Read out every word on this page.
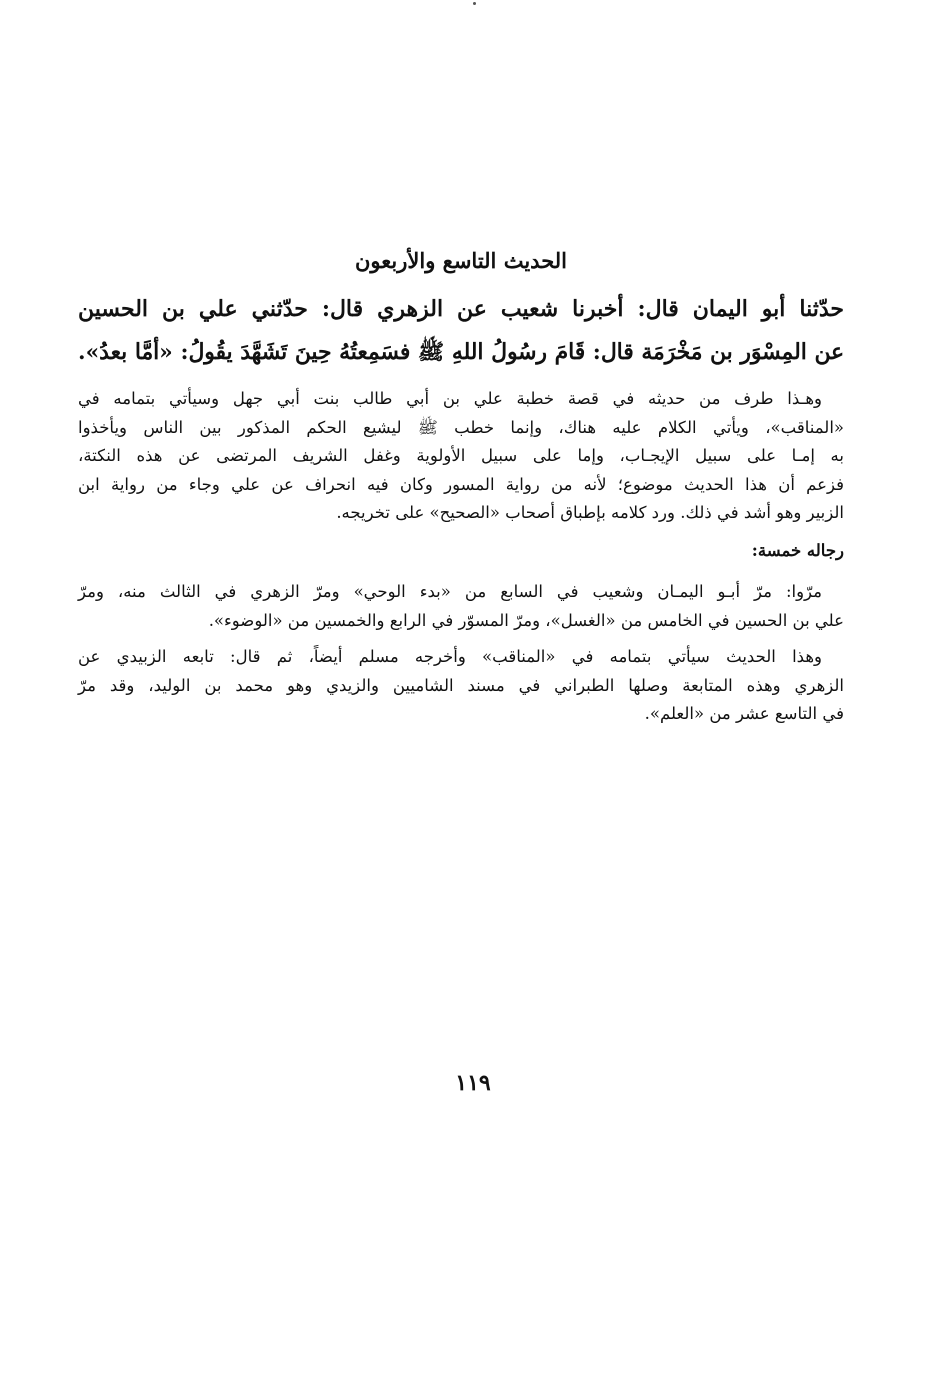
الحديث التاسع والأربعون

حدّثنا أبو اليمان قال: أخبرنا شعيب عن الزهري قال: حدّثني علي بن الحسين

عن المِسْوَر بن مَخْرَمَة قال: قَامَ رسُولُ اللهِ ﷺ فسَمِعتُهُ حِينَ تَشَهَّدَ يقُولُ: «أمَّا بعدُ».

وهـذا طرف من حديثه في قصة خطبة علي بن أبي طالب بنت أبي جهل وسيأتي بتمامه في

«المناقب»، ويأتي الكلام عليه هناك، وإنما خطب ﷺ ليشيع الحكم المذكور بين الناس ويأخذوا

به إمـا على سبيل الإيجـاب، وإما على سبيل الأولوية وغفل الشريف المرتضى عن هذه النكتة،

فزعم أن هذا الحديث موضوع؛ لأنه من رواية المسور وكان فيه انحراف عن علي وجاء من رواية ابن

الزبير وهو أشد في ذلك. ورد كلامه بإطباق أصحاب «الصحيح» على تخريجه.

رجاله خمسة:

مرّوا: مرّ أبـو اليمـان وشعيب في السابع من «بدء الوحي» ومرّ الزهري في الثالث منه، ومرّ

علي بن الحسين في الخامس من «الغسل»، ومرّ المسوّر في الرابع والخمسين من «الوضوء».

وهذا الحديث سيأتي بتمامه في «المناقب» وأخرجه مسلم أيضاً، ثم قال: تابعه الزبيدي عن

الزهري وهذه المتابعة وصلها الطبراني في مسند الشاميين والزيدي وهو محمد بن الوليد، وقد مرّ

في التاسع عشر من «العلم».

١١٩
